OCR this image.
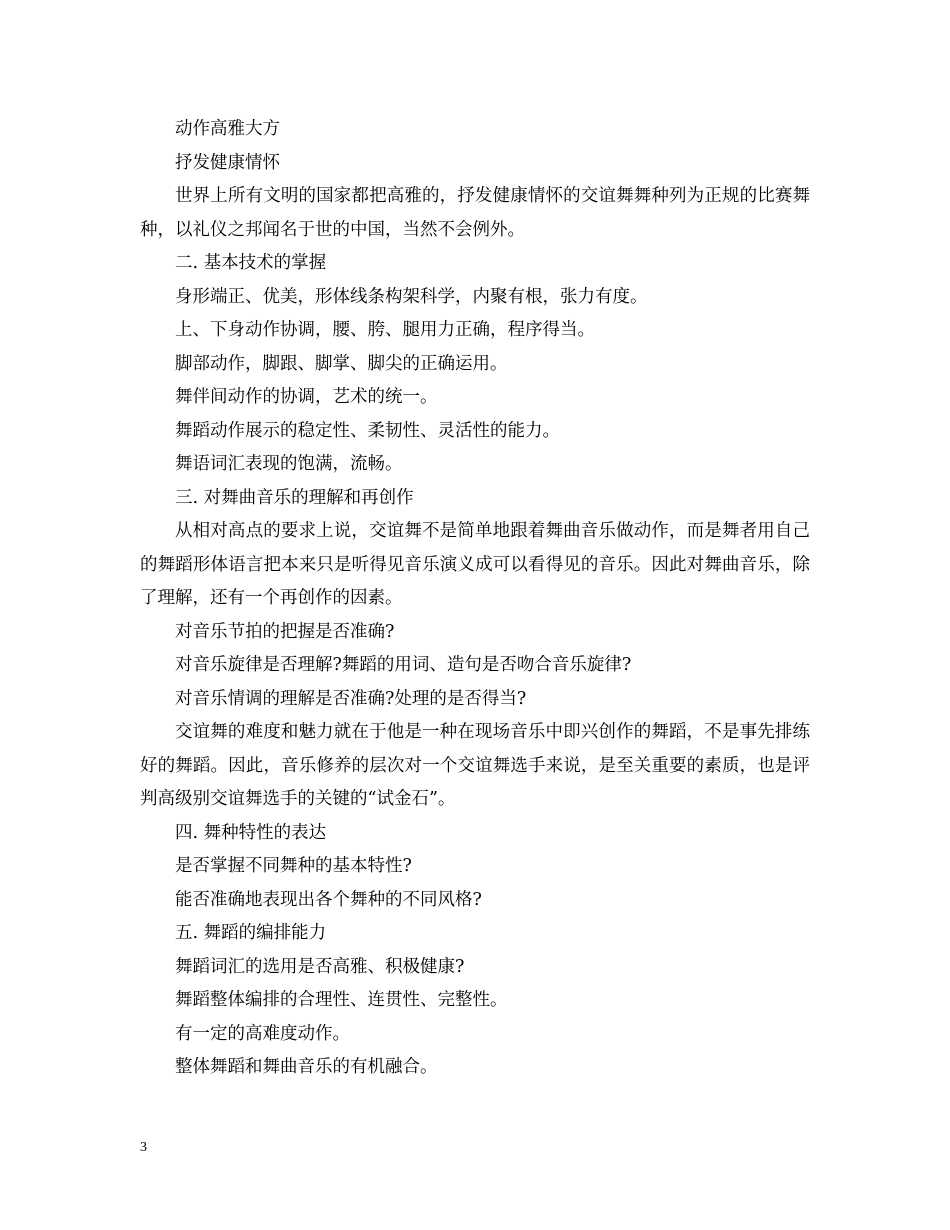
动作高雅大方

抒发健康情怀

世界上所有文明的国家都把高雅的，抒发健康情怀的交谊舞舞种列为正规的比赛舞种，以礼仪之邦闻名于世的中国，当然不会例外。

二. 基本技术的掌握

身形端正、优美，形体线条构架科学，内聚有根，张力有度。

上、下身动作协调，腰、胯、腿用力正确，程序得当。

脚部动作，脚跟、脚掌、脚尖的正确运用。

舞伴间动作的协调，艺术的统一。

舞蹈动作展示的稳定性、柔韧性、灵活性的能力。

舞语词汇表现的饱满，流畅。

三. 对舞曲音乐的理解和再创作

从相对高点的要求上说，交谊舞不是简单地跟着舞曲音乐做动作，而是舞者用自己的舞蹈形体语言把本来只是听得见音乐演义成可以看得见的音乐。因此对舞曲音乐，除了理解，还有一个再创作的因素。

对音乐节拍的把握是否准确?

对音乐旋律是否理解?舞蹈的用词、造句是否吻合音乐旋律?

对音乐情调的理解是否准确?处理的是否得当?

交谊舞的难度和魅力就在于他是一种在现场音乐中即兴创作的舞蹈，不是事先排练好的舞蹈。因此，音乐修养的层次对一个交谊舞选手来说，是至关重要的素质，也是评判高级别交谊舞选手的关键的“试金石”。

四. 舞种特性的表达

是否掌握不同舞种的基本特性?

能否准确地表现出各个舞种的不同风格?

五. 舞蹈的编排能力

舞蹈词汇的选用是否高雅、积极健康?

舞蹈整体编排的合理性、连贯性、完整性。

有一定的高难度动作。

整体舞蹈和舞曲音乐的有机融合。

3
